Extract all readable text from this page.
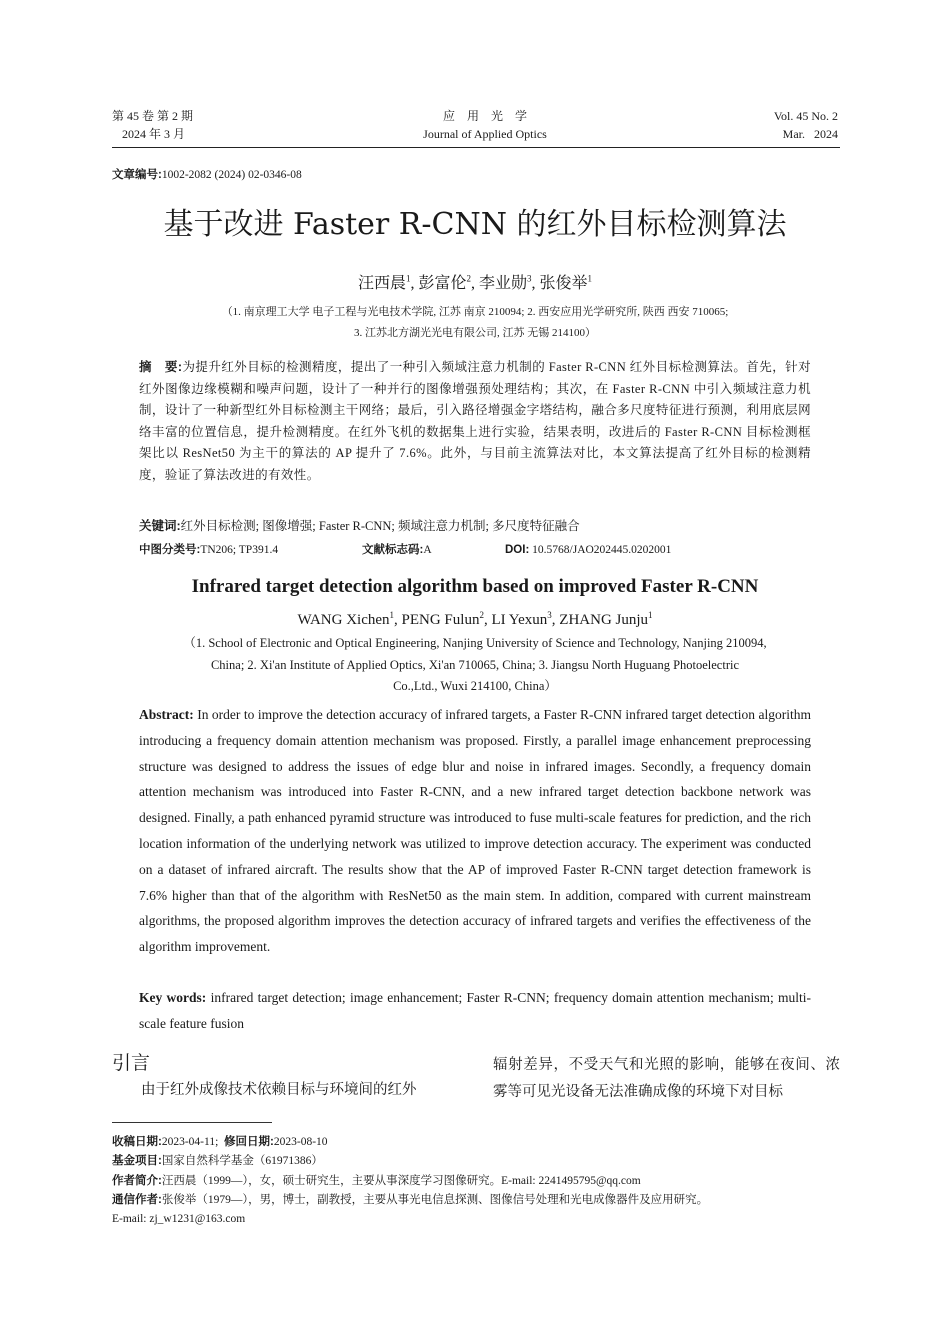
第 45 卷 第 2 期
2024 年 3 月
应用光学
Journal of Applied Optics
Vol. 45 No. 2
Mar.   2024
文章编号:1002-2082 (2024) 02-0346-08
基于改进 Faster R-CNN 的红外目标检测算法
汪西晨$^1$, 彭富伦$^2$, 李业勋$^3$, 张俊举$^1$
（1. 南京理工大学 电子工程与光电技术学院, 江苏 南京 210094; 2. 西安应用光学研究所, 陕西 西安 710065;
3. 江苏北方湖光光电有限公司, 江苏 无锡 214100）
摘　要:为提升红外目标的检测精度，提出了一种引入频域注意力机制的 Faster R-CNN 红外目标检测算法。首先，针对红外图像边缘模糊和噪声问题，设计了一种并行的图像增强预处理结构；其次，在 Faster R-CNN 中引入频域注意力机制，设计了一种新型红外目标检测主干网络；最后，引入路径增强金字塔结构，融合多尺度特征进行预测，利用底层网络丰富的位置信息，提升检测精度。在红外飞机的数据集上进行实验，结果表明，改进后的 Faster R-CNN 目标检测框架比以 ResNet50 为主干的算法的 AP 提升了 7.6%。此外，与目前主流算法对比，本文算法提高了红外目标的检测精度，验证了算法改进的有效性。
关键词:红外目标检测; 图像增强; Faster R-CNN; 频域注意力机制; 多尺度特征融合
中图分类号:TN206; TP391.4	文献标志码:A	DOI: 10.5768/JAO202445.0202001
Infrared target detection algorithm based on improved Faster R-CNN
WANG Xichen$^1$, PENG Fulun$^2$, LI Yexun$^3$, ZHANG Junju$^1$
（1. School of Electronic and Optical Engineering, Nanjing University of Science and Technology, Nanjing 210094,
China; 2. Xi'an Institute of Applied Optics, Xi'an 710065, China; 3. Jiangsu North Huguang Photoelectric
Co.,Ltd., Wuxi 214100, China）
Abstract: In order to improve the detection accuracy of infrared targets, a Faster R-CNN infrared target detection algorithm introducing a frequency domain attention mechanism was proposed. Firstly, a parallel image enhancement preprocessing structure was designed to address the issues of edge blur and noise in infrared images. Secondly, a frequency domain attention mechanism was introduced into Faster R-CNN, and a new infrared target detection backbone network was designed. Finally, a path enhanced pyramid structure was introduced to fuse multi-scale features for prediction, and the rich location information of the underlying network was utilized to improve detection accuracy. The experiment was conducted on a dataset of infrared aircraft. The results show that the AP of improved Faster R-CNN target detection framework is 7.6% higher than that of the algorithm with ResNet50 as the main stem. In addition, compared with current mainstream algorithms, the proposed algorithm improves the detection accuracy of infrared targets and verifies the effectiveness of the algorithm improvement.
Key words: infrared target detection; image enhancement; Faster R-CNN; frequency domain attention mechanism; multi-scale feature fusion
引言
由于红外成像技术依赖目标与环境间的红外
辐射差异，不受天气和光照的影响，能够在夜间、浓雾等可见光设备无法准确成像的环境下对目标
收稿日期:2023-04-11; 修回日期:2023-08-10
基金项目:国家自然科学基金（61971386）
作者简介:汪西晨（1999—），女，硕士研究生，主要从事深度学习图像研究。E-mail: 2241495795@qq.com
通信作者:张俊举（1979—），男，博士，副教授，主要从事光电信息探测、图像信号处理和光电成像器件及应用研究。
E-mail: zj_w1231@163.com
